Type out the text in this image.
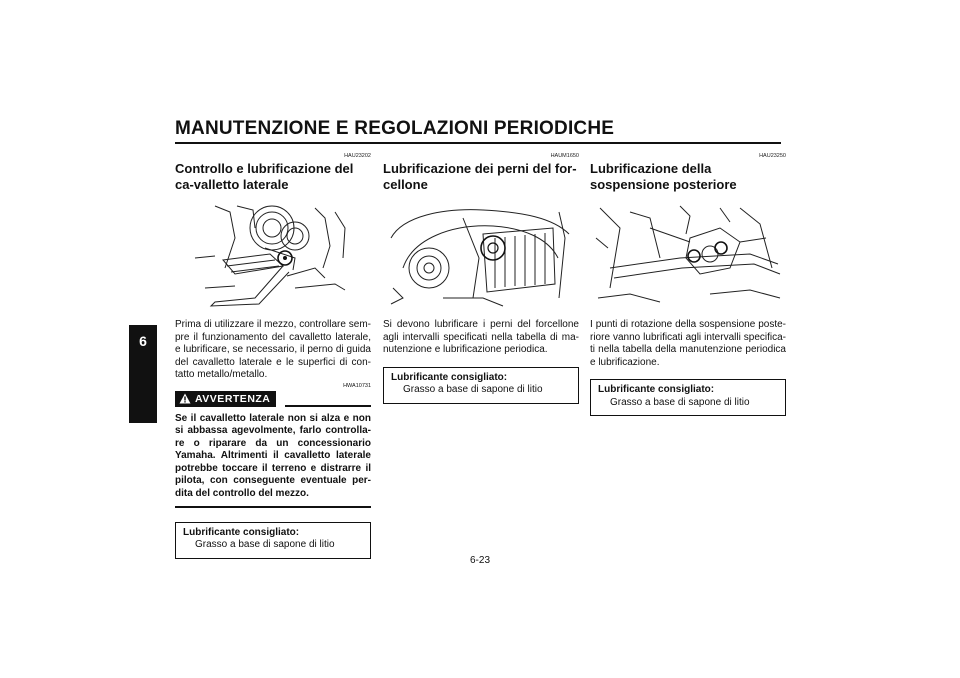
MANUTENZIONE E REGOLAZIONI PERIODICHE
6
HAU23202
Controllo e lubrificazione del ca-valletto laterale
Prima di utilizzare il mezzo, controllare sem-pre il funzionamento del cavalletto laterale, e lubrificare, se necessario, il perno di guida del cavalletto laterale e le superfici di con-tatto metallo/metallo.
HWA10731
AVVERTENZA
Se il cavalletto laterale non si alza e non si abbassa agevolmente, farlo controlla-re o riparare da un concessionario Yamaha. Altrimenti il cavalletto laterale potrebbe toccare il terreno e distrarre il pilota, con conseguente eventuale per-dita del controllo del mezzo.
Lubrificante consigliato:
Grasso a base di sapone di litio
HAUM1650
Lubrificazione dei perni del for-cellone
Si devono lubrificare i perni del forcellone agli intervalli specificati nella tabella di ma-nutenzione e lubrificazione periodica.
Lubrificante consigliato:
Grasso a base di sapone di litio
HAU23250
Lubrificazione della sospensione posteriore
I punti di rotazione della sospensione poste-riore vanno lubrificati agli intervalli specifica-ti nella tabella della manutenzione periodica e lubrificazione.
Lubrificante consigliato:
Grasso a base di sapone di litio
6-23
